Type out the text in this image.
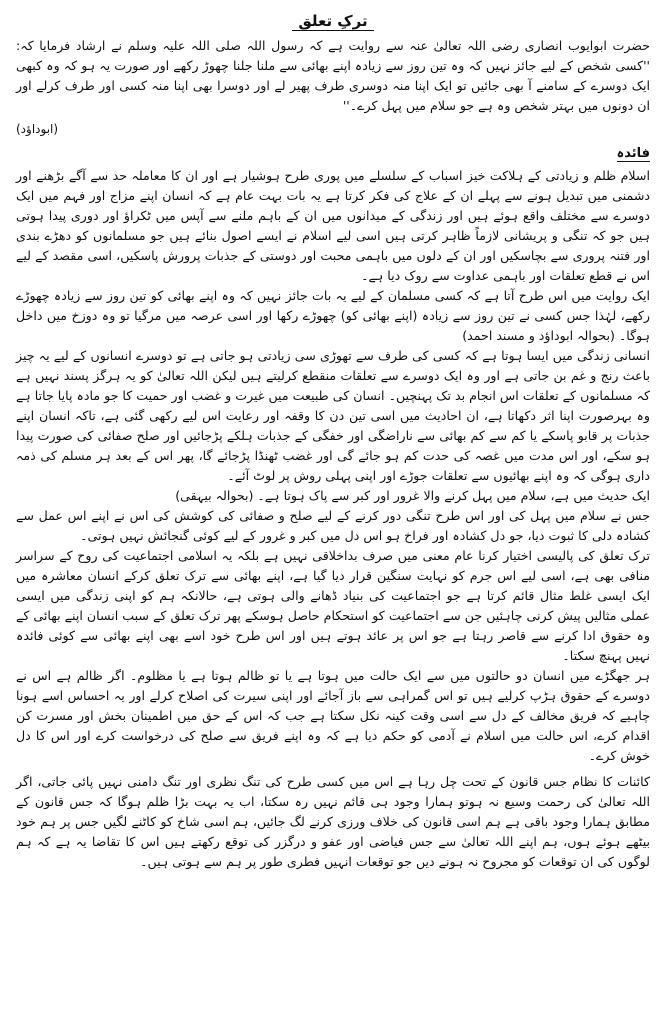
ترکِ تعلق

حضرت ابوایوب انصاری رضی اللہ تعالیٰ عنہ سے روایت ہے کہ رسول اللہ صلی اللہ علیہ وسلم نے ارشاد فرمایا کہ: ''کسی شخص کے لیے جائز نہیں کہ وہ تین روز سے زیادہ اپنے بھائی سے ملنا جلنا چھوڑ رکھے اور صورت یہ ہو کہ وہ کبھی ایک دوسرے کے سامنے آ بھی جائیں تو ایک اپنا منہ دوسری طرف پھیر لے اور دوسرا بھی اپنا منہ کسی اور طرف کرلے اور ان دونوں میں بہتر شخص وہ ہے جو سلام میں پہل کرے۔''

(ابوداؤد)
فائدہ

اسلام ظلم و زیادتی کے ہلاکت خیز اسباب کے سلسلے میں پوری طرح ہوشیار ہے اور ان کا معاملہ حد سے آگے بڑھنے اور دشمنی میں تبدیل ہونے سے پہلے ان کے علاج کی فکر کرتا ہے یہ بات بہت عام ہے کہ انسان اپنے مزاج اور فہم میں ایک دوسرے سے مختلف واقع ہوئے ہیں اور زندگی کے میدانوں میں ان کے باہم ملنے سے آپس میں ٹکراؤ اور دوری پیدا ہوتی ہیں جو کہ تنگی و پریشانی لازماً ظاہر کرتی ہیں اسی لیے اسلام نے ایسے اصول بنائے ہیں جو مسلمانوں کو دھڑے بندی اور فتنہ پروری سے بچاسکیں اور ان کے دلوں میں باہمی محبت اور دوستی کے جذبات پرورش پاسکیں، اسی مقصد کے لیے اس نے قطع تعلقات اور باہمی عداوت سے روک دیا ہے۔

ایک روایت میں اس طرح آتا ہے کہ کسی مسلمان کے لیے یہ بات جائز نہیں کہ وہ اپنے بھائی کو تین روز سے زیادہ چھوڑے رکھے، لہٰذا جس کسی نے تین روز سے زیادہ (اپنے بھائی کو) چھوڑے رکھا اور اسی عرصہ میں مرگیا تو وہ دوزخ میں داخل ہوگا۔ (بحوالہ ابوداؤد و مسند احمد)

انسانی زندگی میں ایسا ہوتا ہے کہ کسی کی طرف سے تھوڑی سی زیادتی ہو جاتی ہے تو دوسرے انسانوں کے لیے یہ چیز باعث رنج و غم بن جاتی ہے اور وہ ایک دوسرے سے تعلقات منقطع کرلیتے ہیں لیکن اللہ تعالیٰ کو یہ ہرگز پسند نہیں ہے کہ مسلمانوں کے تعلقات اس انجام بد تک پہنچیں۔ انسان کی طبیعت میں غیرت و غضب اور حمیت کا جو مادہ پایا جاتا ہے وہ بہرصورت اپنا اثر دکھاتا ہے، ان احادیث میں اسی تین دن کا وقفہ اور رعایت اس لیے رکھی گئی ہے، تاکہ انسان اپنے جذبات پر قابو پاسکے یا کم سے کم بھائی سے ناراضگی اور خفگی کے جذبات ہلکے پڑجائیں اور صلح صفائی کی صورت پیدا ہو سکے، اور اس مدت میں غصہ کی حدت کم ہو جائے گی اور غضب ٹھنڈا پڑجائے گا، پھر اس کے بعد ہر مسلم کی ذمہ داری ہوگی کہ وہ اپنے بھائیوں سے تعلقات جوڑے اور اپنی پہلی روش پر لوٹ آئے۔

ایک حدیث میں ہے، سلام میں پہل کرنے والا غرور اور کبر سے پاک ہوتا ہے۔ (بحوالہ بیہقی)

جس نے سلام میں پہل کی اور اس طرح تنگی دور کرنے کے لیے صلح و صفائی کی کوشش کی اس نے اپنے اس عمل سے کشادہ دلی کا ثبوت دیا، جو دل کشادہ اور فراخ ہو اس دل میں کبر و غرور کے لیے کوئی گنجائش نہیں ہوتی۔

ترک تعلق کی پالیسی اختیار کرنا عام معنی میں صرف بداخلاقی نہیں ہے بلکہ یہ اسلامی اجتماعیت کی روح کے سراسر منافی بھی ہے، اسی لیے اس جرم کو نہایت سنگین قرار دیا گیا ہے، اپنے بھائی سے ترک تعلق کرکے انسان معاشرہ میں ایک ایسی غلط مثال قائم کرتا ہے جو اجتماعیت کی بنیاد ڈھانے والی ہوتی ہے، حالانکہ ہم کو اپنی زندگی میں ایسی عملی مثالیں پیش کرنی چاہئیں جن سے اجتماعیت کو استحکام حاصل ہوسکے پھر ترک تعلق کے سبب انسان اپنے بھائی کے وہ حقوق ادا کرنے سے قاصر رہتا ہے جو اس پر عائد ہوتے ہیں اور اس طرح خود اسے بھی اپنے بھائی سے کوئی فائدہ نہیں پہنچ سکتا۔

ہر جھگڑے میں انسان دو حالتوں میں سے ایک حالت میں ہوتا ہے یا تو ظالم ہوتا ہے یا مظلوم۔ اگر ظالم ہے اس نے دوسرے کے حقوق ہڑپ کرلیے ہیں تو اس گمراہی سے باز آجائے اور اپنی سیرت کی اصلاح کرلے اور یہ احساس اسے ہونا چاہیے کہ فریق مخالف کے دل سے اسی وقت کینہ نکل سکتا ہے جب کہ اس کے حق میں اطمینان بخش اور مسرت کن اقدام کرے، اس حالت میں اسلام نے آدمی کو حکم دیا ہے کہ وہ اپنے فریق سے صلح کی درخواست کرے اور اس کا دل خوش کرے۔

کائنات کا نظام جس قانون کے تحت چل رہا ہے اس میں کسی طرح کی تنگ نظری اور تنگ دامنی نہیں پائی جاتی، اگر اللہ تعالیٰ کی رحمت وسیع نہ ہوتو ہمارا وجود ہی قائم نہیں رہ سکتا، اب یہ بہت بڑا ظلم ہوگا کہ جس قانون کے مطابق ہمارا وجود باقی ہے ہم اسی قانون کی خلاف ورزی کرنے لگ جائیں، ہم اسی شاخ کو کاٹنے لگیں جس پر ہم خود بیٹھے ہوئے ہوں، ہم اپنے اللہ تعالیٰ سے جس فیاضی اور عفو و درگزر کی توقع رکھتے ہیں اس کا تقاضا یہ ہے کہ ہم لوگوں کی ان توقعات کو مجروح نہ ہونے دیں جو توقعات انہیں فطری طور پر ہم سے ہوتی ہیں۔
